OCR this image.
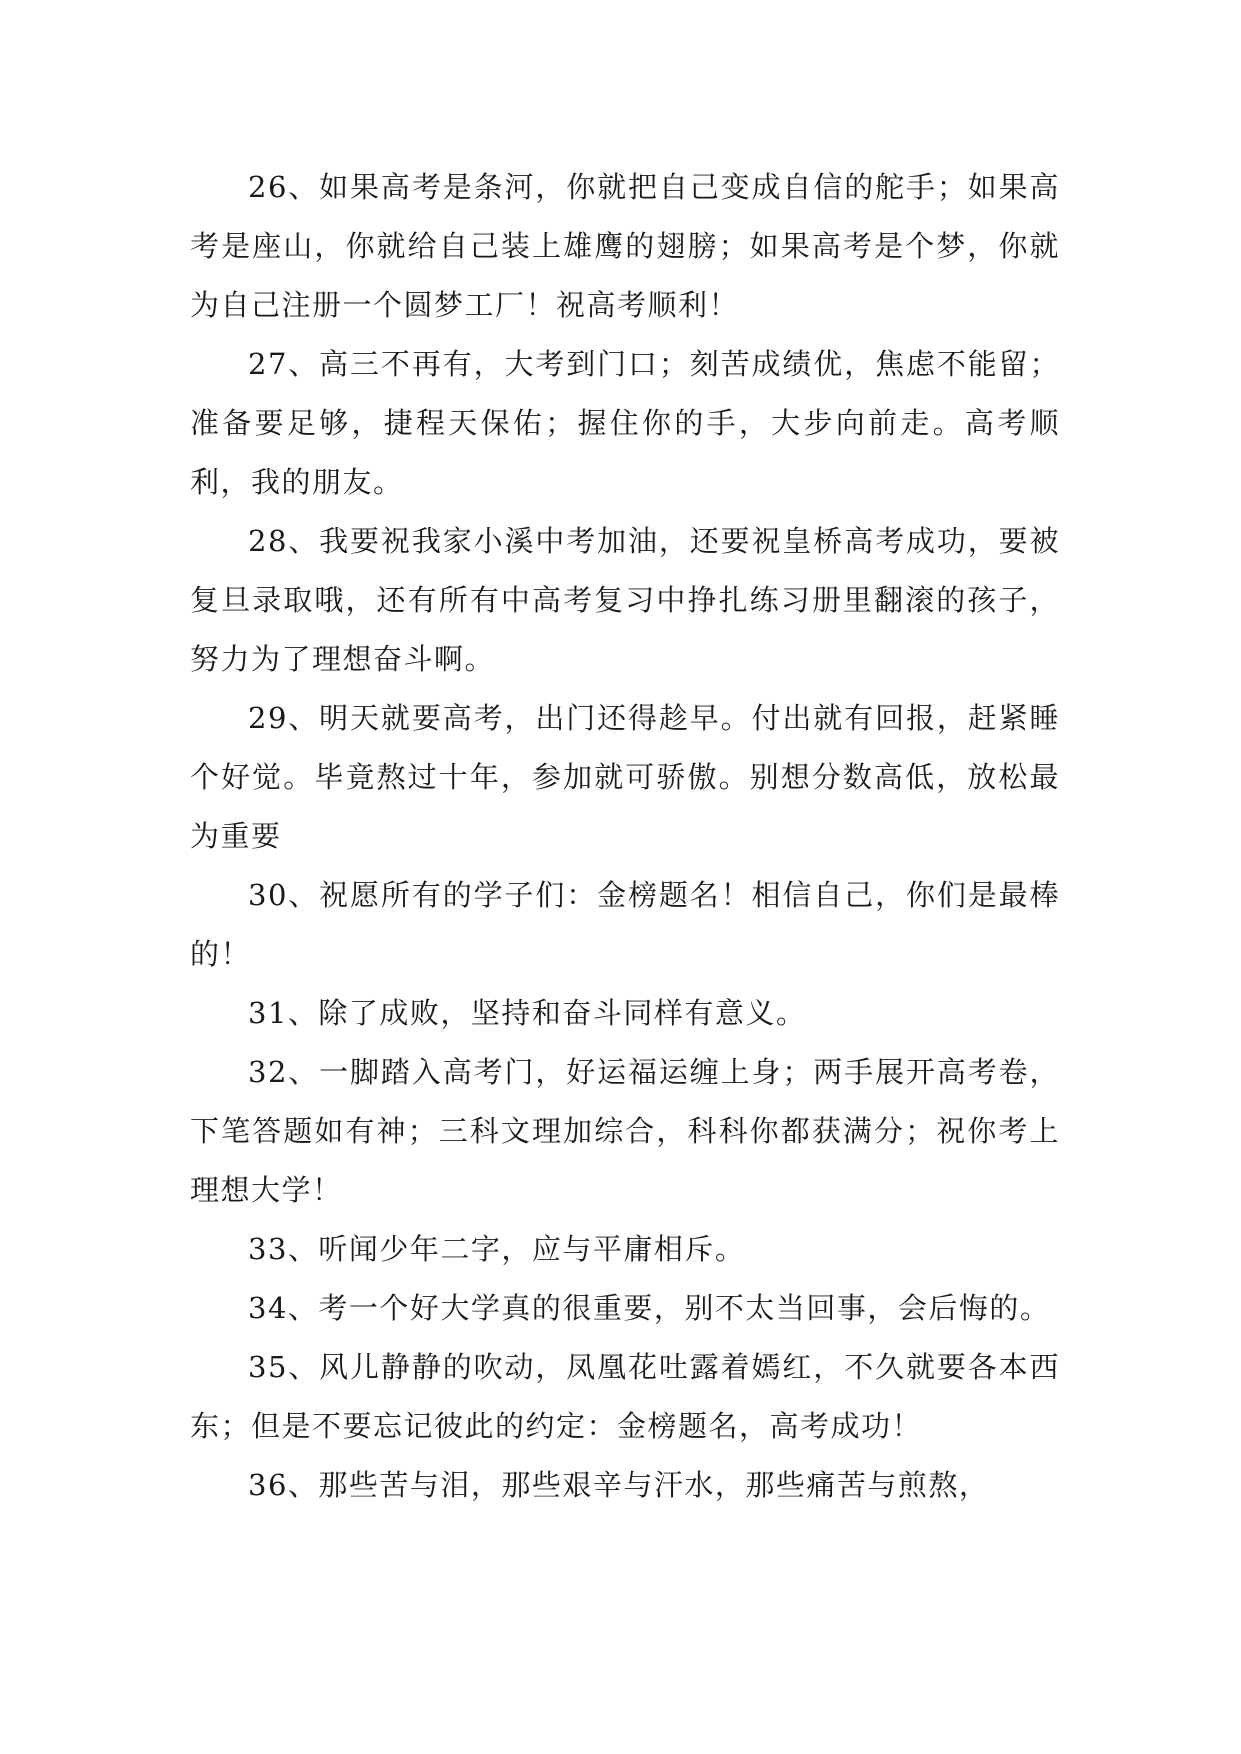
26、如果高考是条河，你就把自己变成自信的舵手；如果高考是座山，你就给自己装上雄鹰的翅膀；如果高考是个梦，你就为自己注册一个圆梦工厂！祝高考顺利！

27、高三不再有，大考到门口；刻苦成绩优，焦虑不能留；准备要足够，捷程天保佑；握住你的手，大步向前走。高考顺利，我的朋友。

28、我要祝我家小溪中考加油，还要祝皇桥高考成功，要被复旦录取哦，还有所有中高考复习中挣扎练习册里翻滚的孩子，努力为了理想奋斗啊。

29、明天就要高考，出门还得趁早。付出就有回报，赶紧睡个好觉。毕竟熬过十年，参加就可骄傲。别想分数高低，放松最为重要

30、祝愿所有的学子们：金榜题名！相信自己，你们是最棒的！

31、除了成败，坚持和奋斗同样有意义。

32、一脚踏入高考门，好运福运缠上身；两手展开高考卷，下笔答题如有神；三科文理加综合，科科你都获满分；祝你考上理想大学！

33、听闻少年二字，应与平庸相斥。

34、考一个好大学真的很重要，别不太当回事，会后悔的。

35、风儿静静的吹动，凤凰花吐露着嫣红，不久就要各本西东；但是不要忘记彼此的约定：金榜题名，高考成功！

36、那些苦与泪，那些艰辛与汗水，那些痛苦与煎熬，
